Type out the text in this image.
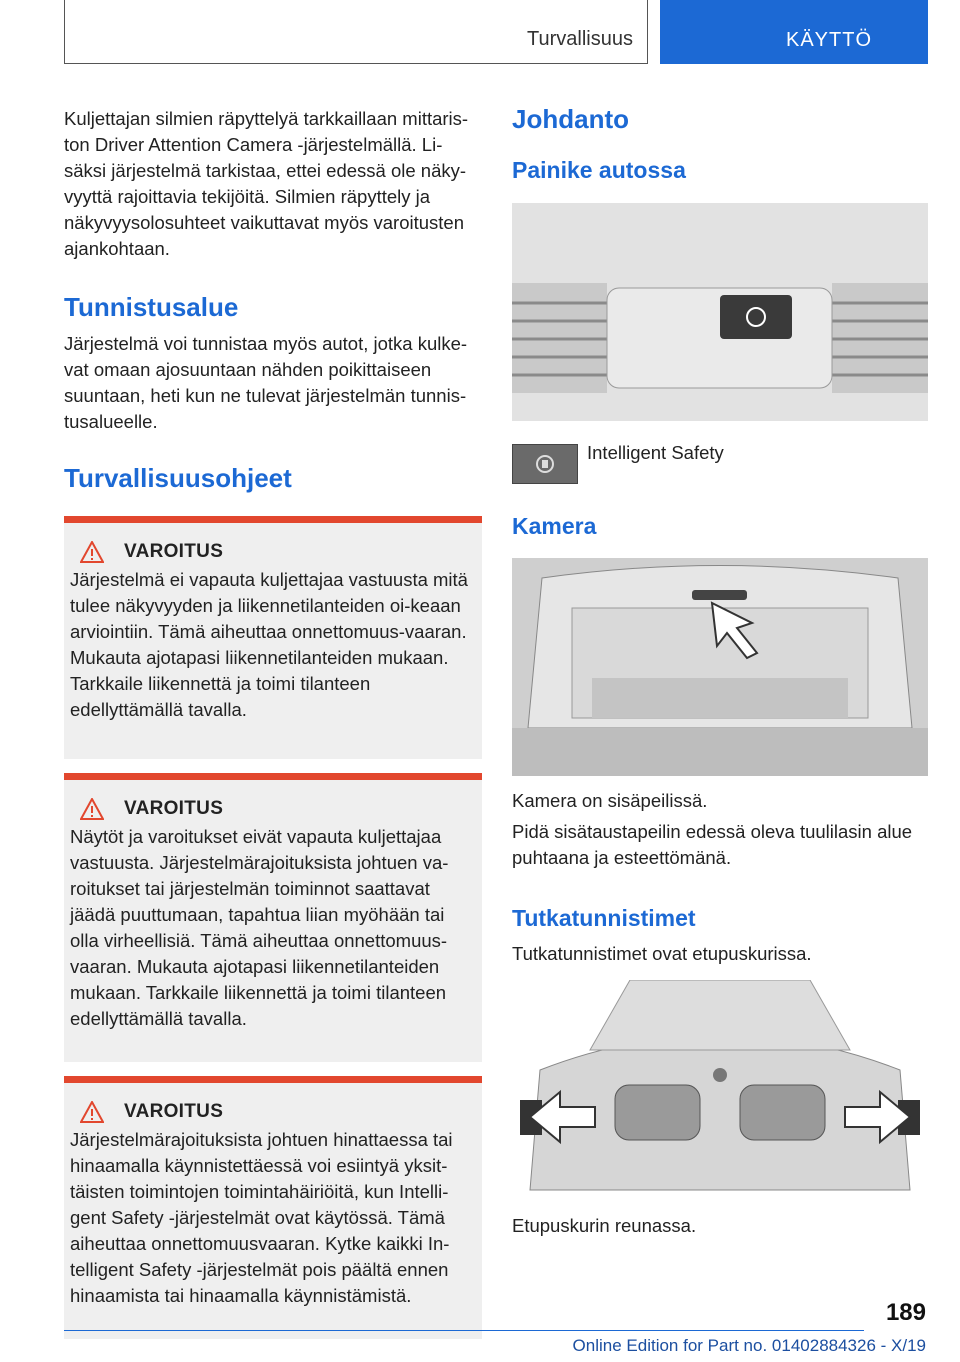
Turvallisuus	KÄYTTÖ

Kuljettajan silmien räpyttelyä tarkkaillaan mittaris-ton Driver Attention Camera -järjestelmällä. Li-säksi järjestelmä tarkistaa, ettei edessä ole näky-vyyttä rajoittavia tekijöitä. Silmien räpyttely ja näkyvyysolosuhteet vaikuttavat myös varoitusten ajankohtaan.

Tunnistusalue

Järjestelmä voi tunnistaa myös autot, jotka kulke-vat omaan ajosuuntaan nähden poikittaiseen suuntaan, heti kun ne tulevat järjestelmän tunnis-tusalueelle.

Turvallisuusohjeet
VAROITUS

Järjestelmä ei vapauta kuljettajaa vastuusta mitä tulee näkyvyyden ja liikennetilanteiden oi-keaan arviointiin. Tämä aiheuttaa onnettomuus-vaaran. Mukauta ajotapasi liikennetilanteiden mukaan. Tarkkaile liikennettä ja toimi tilanteen edellyttämällä tavalla.

VAROITUS

Näytöt ja varoitukset eivät vapauta kuljettajaa vastuusta. Järjestelmärajoituksista johtuen va-roitukset tai järjestelmän toiminnot saattavat jäädä puuttumaan, tapahtua liian myöhään tai olla virheellisiä. Tämä aiheuttaa onnettomuus-vaaran. Mukauta ajotapasi liikennetilanteiden mukaan. Tarkkaile liikennettä ja toimi tilanteen edellyttämällä tavalla.

VAROITUS

Järjestelmärajoituksista johtuen hinattaessa tai hinaamalla käynnistettäessä voi esiintyä yksit-täisten toimintojen toimintahäiriöitä, kun Intelli-gent Safety -järjestelmät ovat käytössä. Tämä aiheuttaa onnettomuusvaaran. Kytke kaikki In-telligent Safety -järjestelmät pois päältä ennen hinaamista tai hinaamalla käynnistämistä.

Johdanto
Painike autossa

Intelligent Safety

Kamera

Kamera on sisäpeilissä.

Pidä sisätaustapeilin edessä oleva tuulilasin alue puhtaana ja esteettömänä.

Tutkatunnistimet

Tutkatunnistimet ovat etupuskurissa.

Etupuskurin reunassa.

189
Online Edition for Part no. 01402884326 - X/19
